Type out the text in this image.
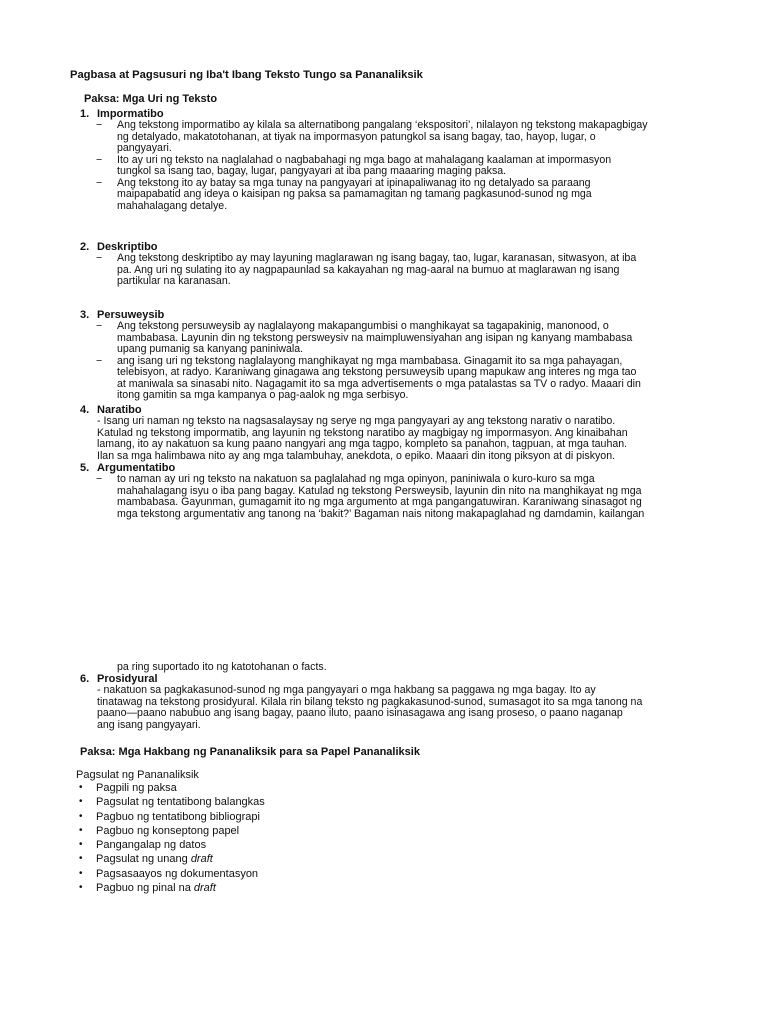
Pagbasa at Pagsusuri ng Iba't Ibang Teksto Tungo sa Pananaliksik
Paksa: Mga Uri ng Teksto
1. Impormatibo
− Ang tekstong impormatibo ay kilala sa alternatibong pangalang ‘ekspositori’, nilalayon ng tekstong makapagbigay
ng detalyado, makatotohanan, at tiyak na impormasyon patungkol sa isang bagay, tao, hayop, lugar, o
pangyayari.
− Ito ay uri ng teksto na naglalahad o nagbabahagi ng mga bago at mahalagang kaalaman at impormasyon
tungkol sa isang tao, bagay, lugar, pangyayari at iba pang maaaring maging paksa.
− Ang tekstong ito ay batay sa mga tunay na pangyayari at ipinapaliwanag ito ng detalyado sa paraang
maipapabatid ang ideya o kaisipan ng paksa sa pamamagitan ng tamang pagkasunod-sunod ng mga
mahahalagang detalye.
2. Deskriptibo
− Ang tekstong deskriptibo ay may layuning maglarawan ng isang bagay, tao, lugar, karanasan, sitwasyon, at iba
pa. Ang uri ng sulating ito ay nagpapaunlad sa kakayahan ng mag-aaral na bumuo at maglarawan ng isang
partikular na karanasan.
3. Persuweysib
− Ang tekstong persuweysib ay naglalayong makapangumbisi o manghikayat sa tagapakinig, manonood, o
mambabasa. Layunin din ng tekstong persweysiv na maimpluwensiyahan ang isipan ng kanyang mambabasa
upang pumanig sa kanyang paniniwala.
− ang isang uri ng tekstong naglalayong manghikayat ng mga mambabasa. Ginagamit ito sa mga pahayagan,
telebisyon, at radyo. Karaniwang ginagawa ang tekstong persuweysib upang mapukaw ang interes ng mga tao
at maniwala sa sinasabi nito. Nagagamit ito sa mga advertisements o mga patalastas sa TV o radyo. Maaari din
itong gamitin sa mga kampanya o pag-aalok ng mga serbisyo.
4. Naratibo
- Isang uri naman ng teksto na nagsasalaysay ng serye ng mga pangyayari ay ang tekstong narativ o naratibo.
Katulad ng tekstong impormatib, ang layunin ng tekstong naratibo ay magbigay ng impormasyon. Ang kinaibahan
lamang, ito ay nakatuon sa kung paano nangyari ang mga tagpo, kompleto sa panahon, tagpuan, at mga tauhan.
Ilan sa mga halimbawa nito ay ang mga talambuhay, anekdota, o epiko. Maaari din itong piksyon at di piskyon.
5. Argumentatibo
− to naman ay uri ng teksto na nakatuon sa paglalahad ng mga opinyon, paniniwala o kuro-kuro sa mga
mahahalagang isyu o iba pang bagay. Katulad ng tekstong Persweysib, layunin din nito na manghikayat ng mga
mambabasa. Gayunman, gumagamit ito ng mga argumento at mga pangangatuwiran. Karaniwang sinasagot ng
mga tekstong argumentativ ang tanong na ‘bakit?’ Bagaman nais nitong makapaglahad ng damdamin, kailangan
pa ring suportado ito ng katotohanan o facts.
6. Prosidyural
- nakatuon sa pagkakasunod-sunod ng mga pangyayari o mga hakbang sa paggawa ng mga bagay. Ito ay
tinatawag na tekstong prosidyural. Kilala rin bilang teksto ng pagkakasunod-sunod, sumasagot ito sa mga tanong na
paano—paano nabubuo ang isang bagay, paano iluto, paano isinasagawa ang isang proseso, o paano naganap
ang isang pangyayari.
Paksa: Mga Hakbang ng Pananaliksik para sa Papel Pananaliksik
Pagsulat ng Pananaliksik
• Pagpili ng paksa
• Pagsulat ng tentatibong balangkas
• Pagbuo ng tentatibong bibliograpi
• Pagbuo ng konseptong papel
• Pangangalap ng datos
• Pagsulat ng unang draft
• Pagsasaayos ng dokumentasyon
• Pagbuo ng pinal na draft
